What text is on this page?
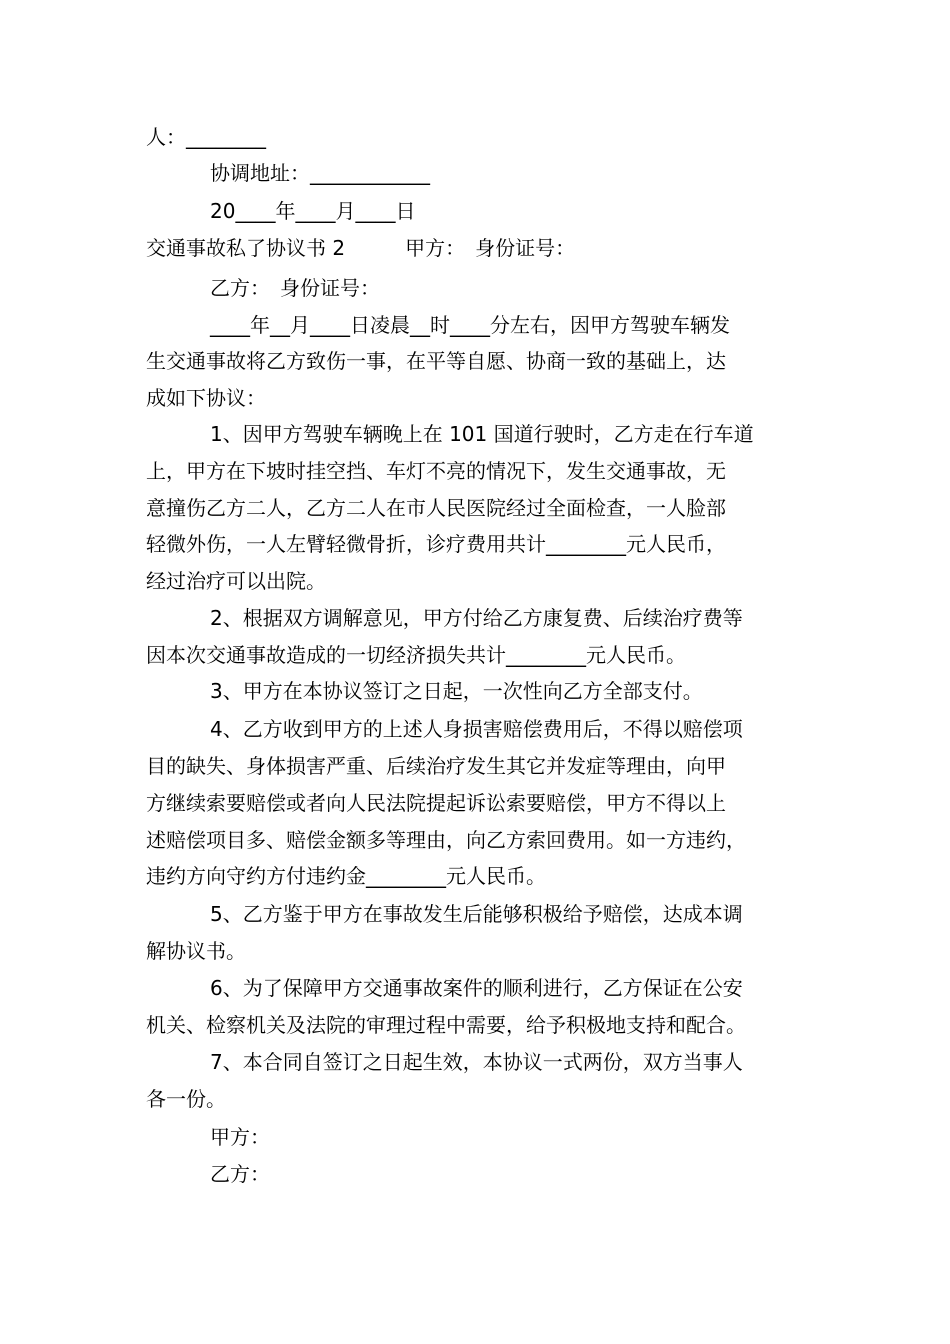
人：________
协调地址：____________
20____年____月____日
交通事故私了协议书 2　　　甲方：　身份证号：
乙方：　身份证号：
____年__月____日凌晨__时____分左右，因甲方驾驶车辆发
生交通事故将乙方致伤一事，在平等自愿、协商一致的基础上，达
成如下协议：
1、因甲方驾驶车辆晚上在 101 国道行驶时，乙方走在行车道
上，甲方在下坡时挂空挡、车灯不亮的情况下，发生交通事故，无
意撞伤乙方二人，乙方二人在市人民医院经过全面检查，一人脸部
轻微外伤，一人左臂轻微骨折，诊疗费用共计________元人民币，
经过治疗可以出院。
2、根据双方调解意见，甲方付给乙方康复费、后续治疗费等
因本次交通事故造成的一切经济损失共计________元人民币。
3、甲方在本协议签订之日起，一次性向乙方全部支付。
4、乙方收到甲方的上述人身损害赔偿费用后，不得以赔偿项
目的缺失、身体损害严重、后续治疗发生其它并发症等理由，向甲
方继续索要赔偿或者向人民法院提起诉讼索要赔偿，甲方不得以上
述赔偿项目多、赔偿金额多等理由，向乙方索回费用。如一方违约，
违约方向守约方付违约金________元人民币。
5、乙方鉴于甲方在事故发生后能够积极给予赔偿，达成本调
解协议书。
6、为了保障甲方交通事故案件的顺利进行，乙方保证在公安
机关、检察机关及法院的审理过程中需要，给予积极地支持和配合。
7、本合同自签订之日起生效，本协议一式两份，双方当事人
各一份。
甲方：
乙方：
